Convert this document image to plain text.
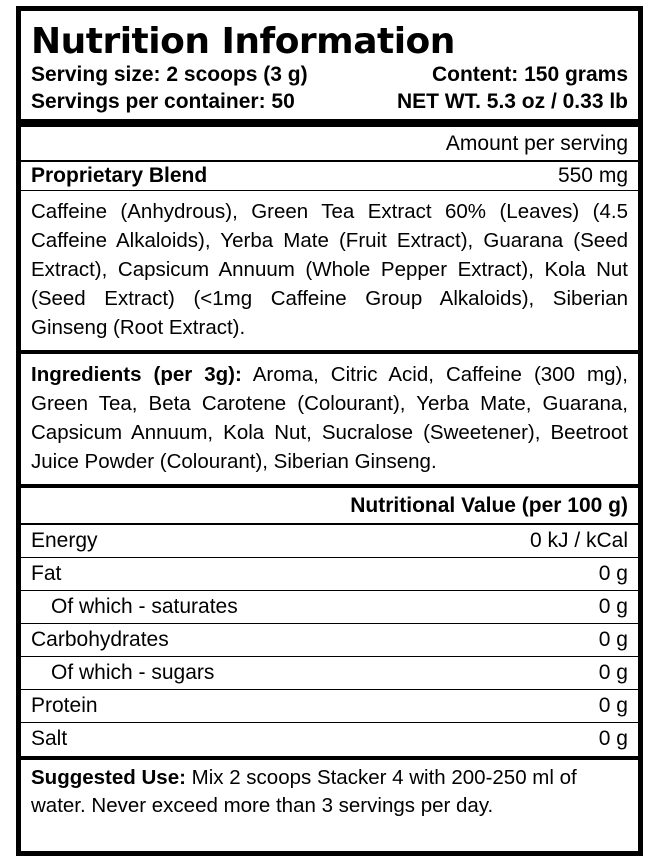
Nutrition Information
Serving size: 2 scoops (3 g)	Content: 150 grams
Servings per container: 50	NET WT. 5.3 oz / 0.33 lb
Amount per serving
Proprietary Blend	550 mg
Caffeine (Anhydrous), Green Tea Extract 60% (Leaves) (4.5 Caffeine Alkaloids), Yerba Mate (Fruit Extract), Guarana (Seed Extract), Capsicum Annuum (Whole Pepper Extract), Kola Nut (Seed Extract) (<1mg Caffeine Group Alkaloids), Siberian Ginseng (Root Extract).
Ingredients (per 3g): Aroma, Citric Acid, Caffeine (300 mg), Green Tea, Beta Carotene (Colourant), Yerba Mate, Guarana, Capsicum Annuum, Kola Nut, Sucralose (Sweetener), Beetroot Juice Powder (Colourant), Siberian Ginseng.
Nutritional Value (per 100 g)
Energy	0 kJ / kCal
Fat	0 g
Of which - saturates	0 g
Carbohydrates	0 g
Of which - sugars	0 g
Protein	0 g
Salt	0 g
Suggested Use: Mix 2 scoops Stacker 4 with 200-250 ml of water. Never exceed more than 3 servings per day.
